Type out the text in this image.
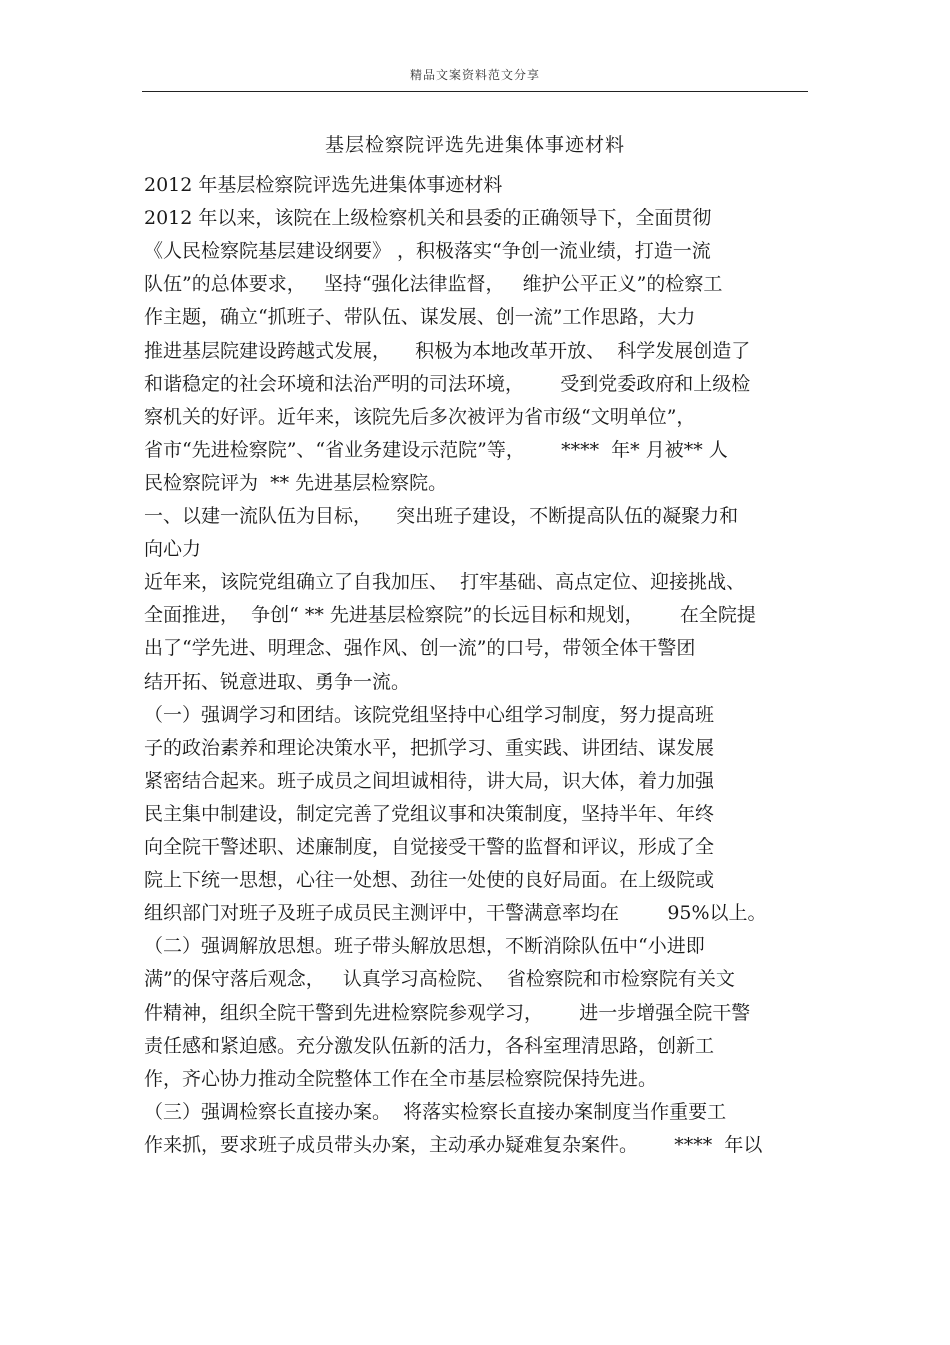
精品文案资料范文分享
基层检察院评选先进集体事迹材料
2012 年基层检察院评选先进集体事迹材料
2012 年以来，该院在上级检察机关和县委的正确领导下，全面贯彻
《人民检察院基层建设纲要》 ，积极落实“争创一流业绩，打造一流
队伍”的总体要求，   坚持“强化法律监督，   维护公平正义”的检察工
作主题，确立“抓班子、带队伍、谋发展、创一流”工作思路，大力
推进基层院建设跨越式发展，    积极为本地改革开放、  科学发展创造了
和谐稳定的社会环境和法治严明的司法环境，      受到党委政府和上级检
察机关的好评。近年来，该院先后多次被评为省市级“文明单位”，
省市“先进检察院”、“省业务建设示范院”等，      ****  年* 月被** 人
民检察院评为  ** 先进基层检察院。
一、以建一流队伍为目标，    突出班子建设，不断提高队伍的凝聚力和
向心力
近年来，该院党组确立了自我加压、  打牢基础、高点定位、迎接挑战、
全面推进，  争创“ ** 先进基层检察院”的长远目标和规划，      在全院提
出了“学先进、明理念、强作风、创一流”的口号，带领全体干警团
结开拓、锐意进取、勇争一流。
（一）强调学习和团结。该院党组坚持中心组学习制度，努力提高班
子的政治素养和理论决策水平，把抓学习、重实践、讲团结、谋发展
紧密结合起来。班子成员之间坦诚相待，讲大局，识大体，着力加强
民主集中制建设，制定完善了党组议事和决策制度，坚持半年、年终
向全院干警述职、述廉制度，自觉接受干警的监督和评议，形成了全
院上下统一思想，心往一处想、劲往一处使的良好局面。在上级院或
组织部门对班子及班子成员民主测评中，干警满意率均在        95%以上。
（二）强调解放思想。班子带头解放思想，不断消除队伍中“小进即
满”的保守落后观念，   认真学习高检院、  省检察院和市检察院有关文
件精神，组织全院干警到先进检察院参观学习，      进一步增强全院干警
责任感和紧迫感。充分激发队伍新的活力，各科室理清思路，创新工
作，齐心协力推动全院整体工作在全市基层检察院保持先进。
（三）强调检察长直接办案。  将落实检察长直接办案制度当作重要工
作来抓，要求班子成员带头办案，主动承办疑难复杂案件。      ****  年以
